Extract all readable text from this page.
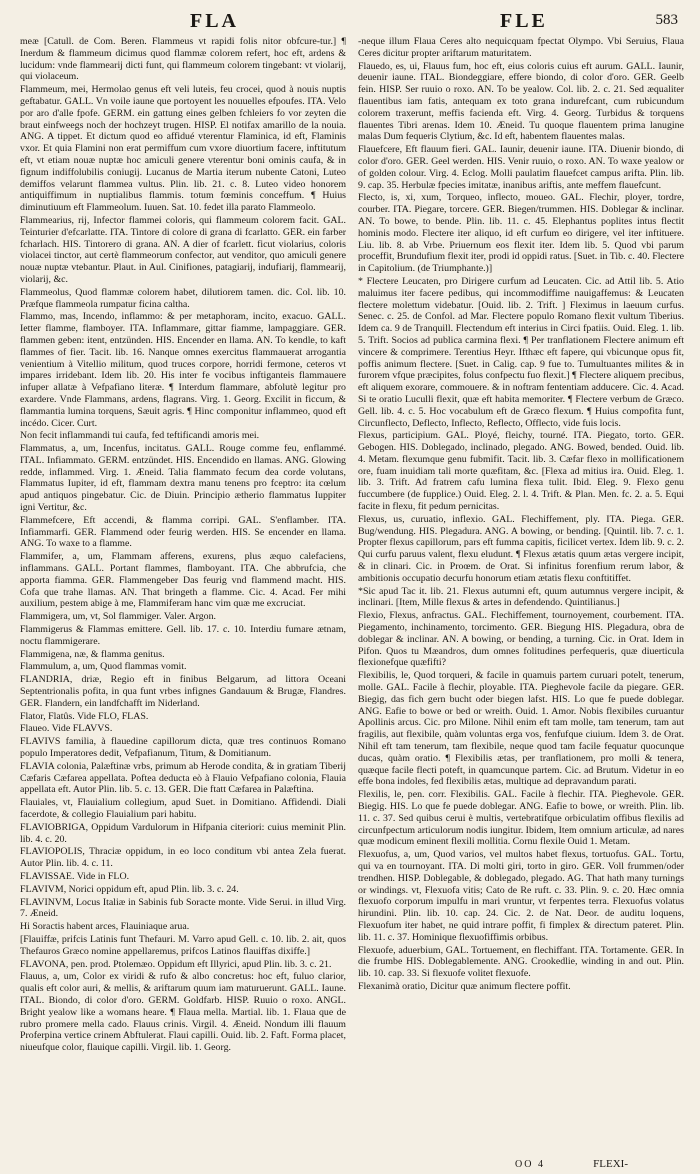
FLA	FLE	583

meæ [Catull. de Com. Beren. Flammeus vt rapidi folis nitor obfcure-tur.] ¶ Inerdum & flammeum dicimus quod flammæ colorem refert, hoc eft, ardens & lucidum: vnde flammearij dicti funt, qui flammeum colorem tingebant: vt violarij, qui violaceum.

Flammeum, mei, Hermolao genus eft veli luteis, feu crocei, quod à nouis nuptis geftabatur. GALL. Vn voile iaune que portoyent les nouuelles efpoufes. ITA. Velo por aro d'alle fpofe. GERM. ein gattung eines gelben fchleiers fo vor zeyten die braut einfweegs noch der hochzeyt trugen. HISP. El notifax amarillo de la nouia. ANG. A tippet. Et dictum quod eo affidué vterentur Flaminica, id eft, Flaminis vxor. Et quia Flamini non erat permiffum cum vxore diuortium facere, inftitutum eft, vt etiam nouæ nuptæ hoc amiculi genere vterentur boni ominis caufa, & in fignum indiffolubilis coniugij. Lucanus de Martia iterum nubente Catoni, Luteo demiffos velarunt flammea vultus. Plin. lib. 21. c. 8. Luteo video honorem antiquiffimum in nuptialibus flammis. totum fœminis conceffum. ¶ Huius diminutiuum eft Flammeolum. Iuuen. Sat. 10. fedet illa parato Flammeolo.

Flammearius, rij, Infector flammei coloris, qui flammeum colorem facit. GAL. Teinturier d'efcarlatte. ITA. Tintore di colore di grana di fcarlatto. GER. ein farber fcharlach. HIS. Tintorero di grana. AN. A dier of fcarlett. ficut violarius, coloris violacei tinctor, aut certè flammeorum confector, aut venditor, quo amiculi genere nouæ nuptæ vtebantur. Plaut. in Aul. Cinifiones, patagiarij, indufiarij, flammearij, violarij, &c.

Flammeolus, Quod flammæ colorem habet, dilutiorem tamen. dic. Col. lib. 10. Præfque flammeola rumpatur ficina caltha.

Flammo, mas, Incendo, inflammo: & per metaphoram, incito, exacuo. GALL. Ietter flamme, flamboyer. ITA. Inflammare, gittar fiamme, lampaggiare. GER. flammen geben: itent, entzünden. HIS. Encender en llama. AN. To kendle, to kaft flammes of fier. Tacit. lib. 16. Nanque omnes exercitus flammauerat arrogantia venientium à Vitellio militum, quod truces corpore, horridi fermone, ceteros vt impares irridebant. Idem lib. 20. His inter fe vocibus inftiganteis flammauere infuper allatæ à Vefpafiano literæ. ¶ Interdum flammare, abfolutè legitur pro exardere. Vnde Flammans, ardens, flagrans. Virg. 1. Georg. Excilit in ficcum, & flammantia lumina torquens, Sæuit agris. ¶ Hinc componitur inflammeo, quod eft incédo. Cicer. Curt.

Non fecit inflammandi tui caufa, fed teftificandi amoris mei.

Flammatus, a, um, Incenfus, incitatus. GALL. Rouge comme feu, enflammé. ITAL. Infiammato. GERM. entzündet. HIS. Encendido en llamas. ANG. Glowing redde, inflammed. Virg. 1. Æneid. Talia flammato fecum dea corde volutans, Flammatus Iupiter, id eft, flammam dextra manu tenens pro fceptro: ita cœlum apud antiquos pingebatur. Cic. de Diuin. Principio ætherio flammatus Iuppiter igni Vertitur, &c.

Flammefcere, Eft accendi, & flamma corripi. GAL. S'enflamber. ITA. Infiammarfi. GER. Flammend oder feurig werden. HIS. Se encender en llama. ANG. To waxe to a flamme.

Flammifer, a, um, Flammam afferens, exurens, plus æquo calefaciens, inflammans. GALL. Portant flammes, flamboyant. ITA. Che abbrufcia, che apporta fiamma. GER. Flammengeber Das feurig vnd flammend macht. HIS. Cofa que trahe llamas. AN. That bringeth a flamme. Cic. 4. Acad. Fer mihi auxilium, pestem abige à me, Flammiferam hanc vim quæ me excruciat.

Flammigera, um, vt, Sol flammiger. Valer. Argon.

Flammigerus & Flammas emittere. Gell. lib. 17. c. 10. Interdiu fumare ætnam, noctu flammigerare.

Flammigena, næ, & flamma genitus.

Flammulum, a, um, Quod flammas vomit.

FLANDRIA, driæ, Regio eft in finibus Belgarum, ad littora Oceani Septentrionalis pofita, in qua funt vrbes infignes Gandauum & Brugæ, Flandres. GER. Flandern, ein landfchafft im Niderland.

Flator, Flatûs. Vide FLO, FLAS.

Flaueo. Vide FLAVVS.

FLAVIVS familia, à flauedine capillorum dicta, quæ tres continuos Romano populo Imperatores dedit, Vefpafianum, Titum, & Domitianum.

FLAVIA colonia, Palæftinæ vrbs, primum ab Herode condita, & in gratiam Tiberij Cæfaris Cæfarea appellata. Poftea deducta eò à Flauio Vefpafiano colonia, Flauia appellata eft. Autor Plin. lib. 5. c. 13. GER. Die ftatt Cæfarea in Palæftina.

Flauiales, vt, Flauialium collegium, apud Suet. in Domitiano. Affidendi. Diali facerdote, & collegio Flauialium pari habitu.

FLAVIOBRIGA, Oppidum Vardulorum in Hifpania citeriori: cuius meminit Plin. lib. 4. c. 20.

FLAVIOPOLIS, Thraciæ oppidum, in eo loco conditum vbi antea Zela fuerat. Autor Plin. lib. 4. c. 11.

FLAVISSAE. Vide in FLO.

FLAVIVM, Norici oppidum eft, apud Plin. lib. 3. c. 24.

FLAVINVM, Locus Italiæ in Sabinis fub Soracte monte. Vide Serui. in illud Virg. 7. Æneid.

Hi Soractis habent arces, Flauiniaque arua.

[Flauiffæ, prifcis Latinis funt Thefauri. M. Varro apud Gell. c. 10. lib. 2. ait, quos Thefauros Græco nomine appellaremus, prifcos Latinos flauiffas dixiffe.]

FLAVONA, pen. prod. Ptolemæo. Oppidum eft Illyrici, apud Plin. lib. 3. c. 21.

Flauus, a, um, Color ex viridi & rufo & albo concretus: hoc eft, fuluo clarior, qualis eft color auri, & mellis, & ariftarum quum iam maturuerunt. GALL. Iaune. ITAL. Biondo, di color d'oro. GERM. Goldfarb. HISP. Ruuio o roxo. ANGL. Bright yealow like a womans heare. ¶ Flaua mella. Martial. lib. 1. Flaua que de rubro promere mella cado. Flauus crinis. Virgil. 4. Æneid. Nondum illi flauum Proferpina vertice crinem Abftulerat. Flaui capilli. Ouid. lib. 2. Faft. Forma placet, niueufque color, flauique capilli. Virgil. lib. 1. Georg.

-neque illum Flaua Ceres alto nequicquam fpectat Olympo. Vbi Seruius, Flaua Ceres dicitur propter ariftarum maturitatem.

Flauedo, es, ui, Flauus fum, hoc eft, eius coloris cuius eft aurum. GALL. Iaunir, deuenir iaune. ITAL. Biondeggiare, effere biondo, di color d'oro. GER. Geelb fein. HISP. Ser ruuio o roxo. AN. To be yealow. Col. lib. 2. c. 21. Sed æqualiter flauentibus iam fatis, antequam ex toto grana indurefcant, cum rubicundum colorem traxerunt, meffis facienda eft. Virg. 4. Georg. Turbidus & torquens flauentes Tibri arenas. Idem 10. Æneid. Tu quoque flauentem prima lanugine malas Dum fequeris Clytium, &c. Id eft, habentem flauentes malas.

Flauefcere, Eft flauum fieri. GAL. Iaunir, deuenir iaune. ITA. Diuenir biondo, di color d'oro. GER. Geel werden. HIS. Venir ruuio, o roxo. AN. To waxe yealow or of golden colour. Virg. 4. Eclog. Molli paulatim flauefcet campus arifta. Plin. lib. 9. cap. 35. Herbulæ fpecies imitatæ, inanibus ariftis, ante meffem flauefcunt.

Flecto, is, xi, xum, Torqueo, inflecto, moueo. GAL. Flechir, ployer, tordre, courber. ITA. Piegare, torcere. GER. Biegen/trummen. HIS. Doblegar & inclinar. AN. To bowe, to bende. Plin. lib. 11. c. 45. Elephantus poplites intus flectit hominis modo. Flectere iter aliquo, id eft curfum eo dirigere, vel iter inftituere. Liu. lib. 8. ab Vrbe. Priuernum eos flexit iter. Idem lib. 5. Quod vbi parum proceffit, Brundufium flexit iter, prodi id oppidi ratus. [Suet. in Tib. c. 40. Flectere in Capitolium. (de Triumphante.)]

* Flectere Leucaten, pro Dirigere curfum ad Leucaten. Cic. ad Attil lib. 5. Atio maluimus iter facere pedibus, qui incommodiffime nauigaffemus: & Leucaten flectere molettum videbatur. [Ouid. lib. 2. Trift. ] Fleximus in laeuum curfus. Senec. c. 25. de Confol. ad Mar. Flectere populo Romano flexit vultum Tiberius. Idem ca. 9 de Tranquill. Flectendum eft interius in Circi fpatiis. Ouid. Eleg. 1. lib. 5. Trift. Socios ad publica carmina flexi. ¶ Per tranflationem Flectere animum eft vincere & comprimere. Terentius Heyr. Ifthæc eft fapere, qui vbicunque opus fit, poffis animum flectere. [Suet. in Calig. cap. 9 fue to. Tumultuantes milites & in furorem vfque præcipites, folus confpectu fuo flexit.] ¶ Flectere aliquem precibus, eft aliquem exorare, commouere. & in noftram fententiam adducere. Cic. 4. Acad. Si te oratio Luculli flexit, quæ eft habita memoriter. ¶ Flectere verbum de Græco. Gell. lib. 4. c. 5. Hoc vocabulum eft de Græco flexum. ¶ Huius compofita funt, Circunflecto, Deflecto, Inflecto, Reflecto, Offlecto, vide fuis locis.

Flexus, participium. GAL. Ployé, fleichy, tourné. ITA. Piegato, torto. GER. Gebogen. HIS. Doblegado, inclinado, plegado. ANG. Bowed, bended. Ouid. lib. 4. Metam. flexumque genu fubmifit. Tacit. lib. 3. Cæfar flexo in mollificationem ore, fuam inuidiam tali morte quæfitam, &c. [Flexa ad mitius ira. Ouid. Eleg. 1. lib. 3. Trift. Ad fratrem cafu lumina flexa tulit. Ibid. Eleg. 9. Flexo genu fuccumbere (de fupplice.) Ouid. Eleg. 2. l. 4. Trift. & Plan. Men. fc. 2. a. 5. Equi facite in flexu, fit pedum pernicitas.

Flexus, us, curuatio, inflexio. GAL. Flechiffement, ply. ITA. Piega. GER. Bug/wendung. HIS. Plegadura. ANG. A bowing, or bending. [Quintil. lib. 7. c. 1. Propter flexus capillorum, pars eft fumma capitis, ficilicet vertex. Idem lib. 9. c. 2. Qui curfu paruus valent, flexu eludunt. ¶ Flexus ætatis quum ætas vergere incipit, & in clinari. Cic. in Proœm. de Orat. Si infinitus forenfium rerum labor, & ambitionis occupatio decurfu honorum etiam ætatis flexu conftitiffet.

*Sic apud Tac it. lib. 21. Flexus autumni eft, quum autumnus vergere incipit, & inclinari. [Item, Mille flexus & artes in defendendo. Quintilianus.]

Flexio, Flexus, anfractus. GAL. Flechiffement, tournoyement, courbement. ITA. Piegamento, inchinamento, torcimento. GER. Biegung HIS. Plegadura, obra de doblegar & inclinar. AN. A bowing, or bending, a turning. Cic. in Orat. Idem in Pifon. Quos tu Mæandros, dum omnes folitudines perfequeris, quæ diuerticula flexionefque quæfifti?

Flexibilis, le, Quod torqueri, & facile in quamuis partem curuari potelt, tenerum, molle. GAL. Facile à flechir, ployable. ITA. Pieghevole facile da piegare. GER. Biegig, das fich gern bucht oder biegen lafst. HIS. Lo que fe puede doblegar. ANG. Eafie to bowe or bed or wreith. Ouid. 1. Amor. Nobis flexibiles curuantur Apollinis arcus. Cic. pro Milone. Nihil enim eft tam molle, tam tenerum, tam aut fragilis, aut flexibile, quàm voluntas erga vos, fenfufque ciuium. Idem 3. de Orat. Nihil eft tam tenerum, tam flexibile, neque quod tam facile fequatur quocunque ducas, quàm oratio. ¶ Flexibilis ætas, per tranflationem, pro molli & tenera, quæque facile flecti poteft, in quamcunque partem. Cic. ad Brutum. Videtur in eo effe bona indoles, fed flexibilis ætas, multique ad depravandum parati.

Flexilis, le, pen. corr. Flexibilis. GAL. Facile à flechir. ITA. Pieghevole. GER. Biegig. HIS. Lo que fe puede doblegar. ANG. Eafie to bowe, or wreith. Plin. lib. 11. c. 37. Sed quibus cerui è multis, vertebratifque orbiculatim offibus flexilis ad circunfpectum articulorum nodis iungitur. Ibidem, Item omnium articulæ, ad nares quæ modicum eminent flexili mollitia. Cornu flexile Ouid 1. Metam.

Flexuofus, a, um, Quod varios, vel multos habet flexus, tortuofus. GAL. Tortu, qui va en tournoyant. ITA. Di molti giri, torto in giro. GER. Voll frummen/oder trendhen. HISP. Doblegable, & doblegado, plegado. AG. That hath many turnings or windings. vt, Flexuofa vitis; Cato de Re ruft. c. 33. Plin. 9. c. 20. Hæc omnia flexuofo corporum impulfu in mari vruntur, vt ferpentes terra. Flexuofus volatus hirundini. Plin. lib. 10. cap. 24. Cic. 2. de Nat. Deor. de auditu loquens, Flexuofum iter habet, ne quid intrare poffit, fi fimplex & directum pateret. Plin. lib. 11. c. 37. Hominique flexuofiffimis orbibus.

Flexuofe, aduerbium, GAL. Tortuement, en flechiffant. ITA. Tortamente. GER. In die frumbe HIS. Doblegablemente. ANG. Crookedlie, winding in and out. Plin. lib. 10. cap. 33. Si flexuofe volitet flexuofe.

Flexanimà oratio, Dicitur quæ animum flectere poffit.

OO 4	FLEXI-
